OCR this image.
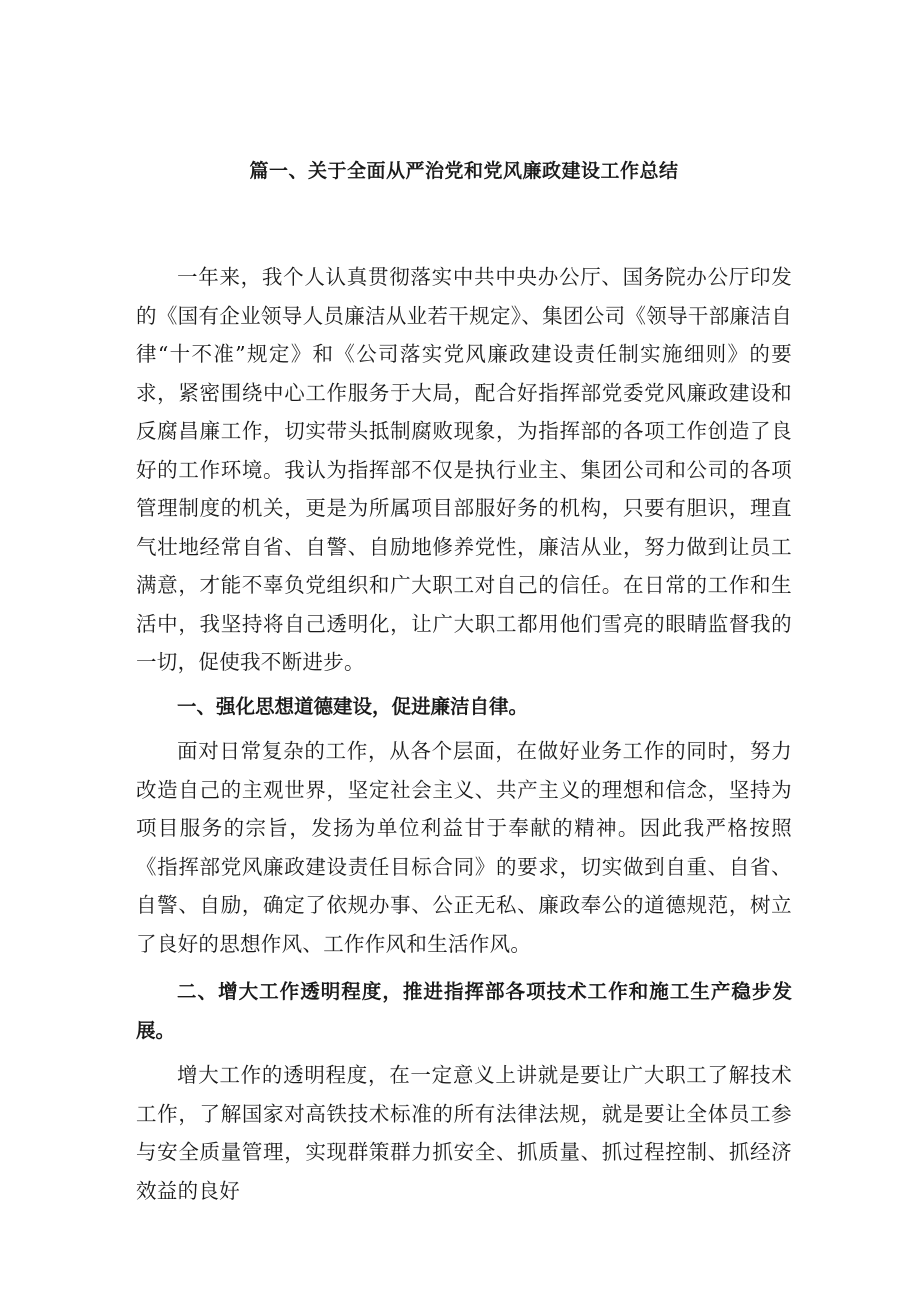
篇一、关于全面从严治党和党风廉政建设工作总结

一年来，我个人认真贯彻落实中共中央办公厅、国务院办公厅印发的《国有企业领导人员廉洁从业若干规定》、集团公司《领导干部廉洁自律“十不准”规定》和《公司落实党风廉政建设责任制实施细则》的要求，紧密围绕中心工作服务于大局，配合好指挥部党委党风廉政建设和反腐昌廉工作，切实带头抵制腐败现象，为指挥部的各项工作创造了良好的工作环境。我认为指挥部不仅是执行业主、集团公司和公司的各项管理制度的机关，更是为所属项目部服好务的机构，只要有胆识，理直气壮地经常自省、自警、自励地修养党性，廉洁从业，努力做到让员工满意，才能不辜负党组织和广大职工对自己的信任。在日常的工作和生活中，我坚持将自己透明化，让广大职工都用他们雪亮的眼睛监督我的一切，促使我不断进步。

一、强化思想道德建设，促进廉洁自律。

面对日常复杂的工作，从各个层面，在做好业务工作的同时，努力改造自己的主观世界，坚定社会主义、共产主义的理想和信念，坚持为项目服务的宗旨，发扬为单位利益甘于奉献的精神。因此我严格按照《指挥部党风廉政建设责任目标合同》的要求，切实做到自重、自省、自警、自励，确定了依规办事、公正无私、廉政奉公的道德规范，树立了良好的思想作风、工作作风和生活作风。

二、增大工作透明程度，推进指挥部各项技术工作和施工生产稳步发展。

增大工作的透明程度，在一定意义上讲就是要让广大职工了解技术工作，了解国家对高铁技术标准的所有法律法规，就是要让全体员工参与安全质量管理，实现群策群力抓安全、抓质量、抓过程控制、抓经济效益的良好
